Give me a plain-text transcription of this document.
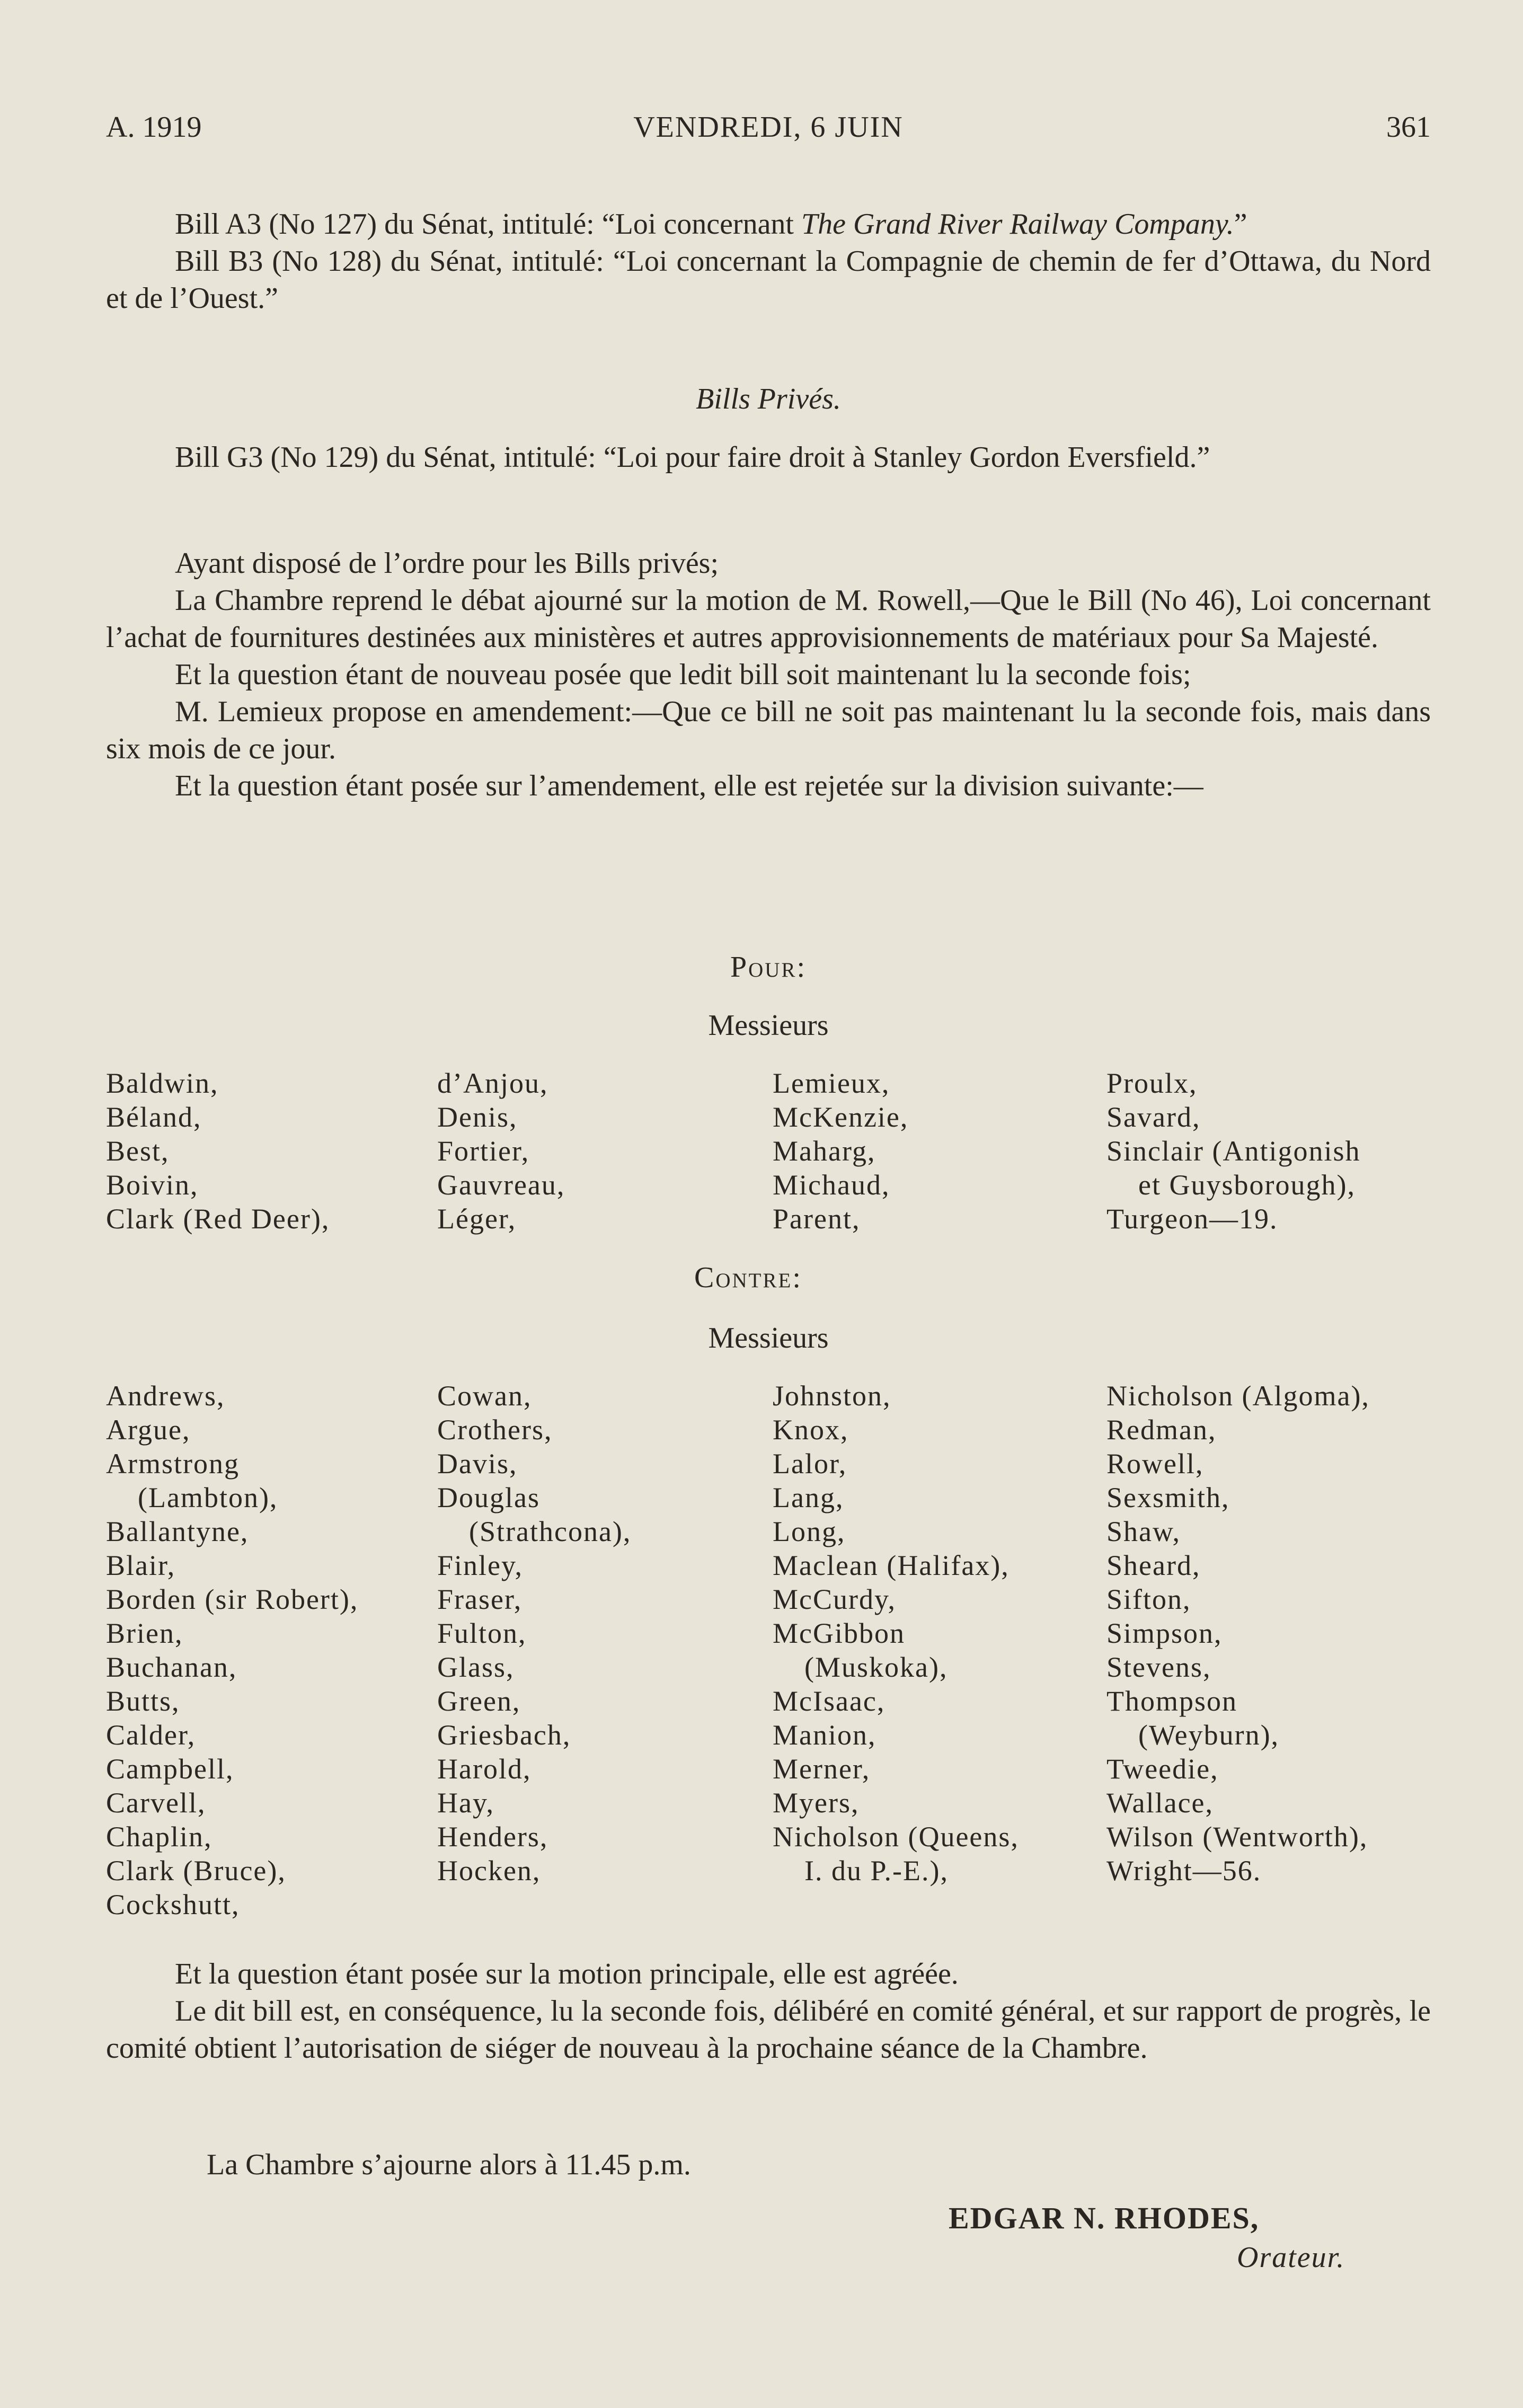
A. 1919	VENDREDI, 6 JUIN	361

Bill A3 (No 127) du Sénat, intitulé: “Loi concernant The Grand River Railway Company.”

Bill B3 (No 128) du Sénat, intitulé: “Loi concernant la Compagnie de chemin de fer d’Ottawa, du Nord et de l’Ouest.”

Bills Privés.

Bill G3 (No 129) du Sénat, intitulé: “Loi pour faire droit à Stanley Gordon Eversfield.”

Ayant disposé de l’ordre pour les Bills privés;

La Chambre reprend le débat ajourné sur la motion de M. Rowell,—Que le Bill (No 46), Loi concernant l’achat de fournitures destinées aux ministères et autres approvisionnements de matériaux pour Sa Majesté.

Et la question étant de nouveau posée que ledit bill soit maintenant lu la seconde fois;

M. Lemieux propose en amendement:—Que ce bill ne soit pas maintenant lu la seconde fois, mais dans six mois de ce jour.

Et la question étant posée sur l’amendement, elle est rejetée sur la division suivante:—

Pour:

Messieurs

Baldwin,
Béland,
Best,
Boivin,
Clark (Red Deer),
d’Anjou,
Denis,
Fortier,
Gauvreau,
Léger,
Lemieux,
McKenzie,
Maharg,
Michaud,
Parent,
Proulx,
Savard,
Sinclair (Antigonish
et Guysborough),
Turgeon—19.

Contre:

Messieurs

Andrews,
Argue,
Armstrong
(Lambton),
Ballantyne,
Blair,
Borden (sir Robert),
Brien,
Buchanan,
Butts,
Calder,
Campbell,
Carvell,
Chaplin,
Clark (Bruce),
Cockshutt,
Cowan,
Crothers,
Davis,
Douglas
(Strathcona),
Finley,
Fraser,
Fulton,
Glass,
Green,
Griesbach,
Harold,
Hay,
Henders,
Hocken,
Johnston,
Knox,
Lalor,
Lang,
Long,
Maclean (Halifax),
McCurdy,
McGibbon
(Muskoka),
McIsaac,
Manion,
Merner,
Myers,
Nicholson (Queens,
I. du P.-E.),
Nicholson (Algoma),
Redman,
Rowell,
Sexsmith,
Shaw,
Sheard,
Sifton,
Simpson,
Stevens,
Thompson
(Weyburn),
Tweedie,
Wallace,
Wilson (Wentworth),
Wright—56.

Et la question étant posée sur la motion principale, elle est agréée.

Le dit bill est, en conséquence, lu la seconde fois, délibéré en comité général, et sur rapport de progrès, le comité obtient l’autorisation de siéger de nouveau à la prochaine séance de la Chambre.

La Chambre s’ajourne alors à 11.45 p.m.

EDGAR N. RHODES,
Orateur.
